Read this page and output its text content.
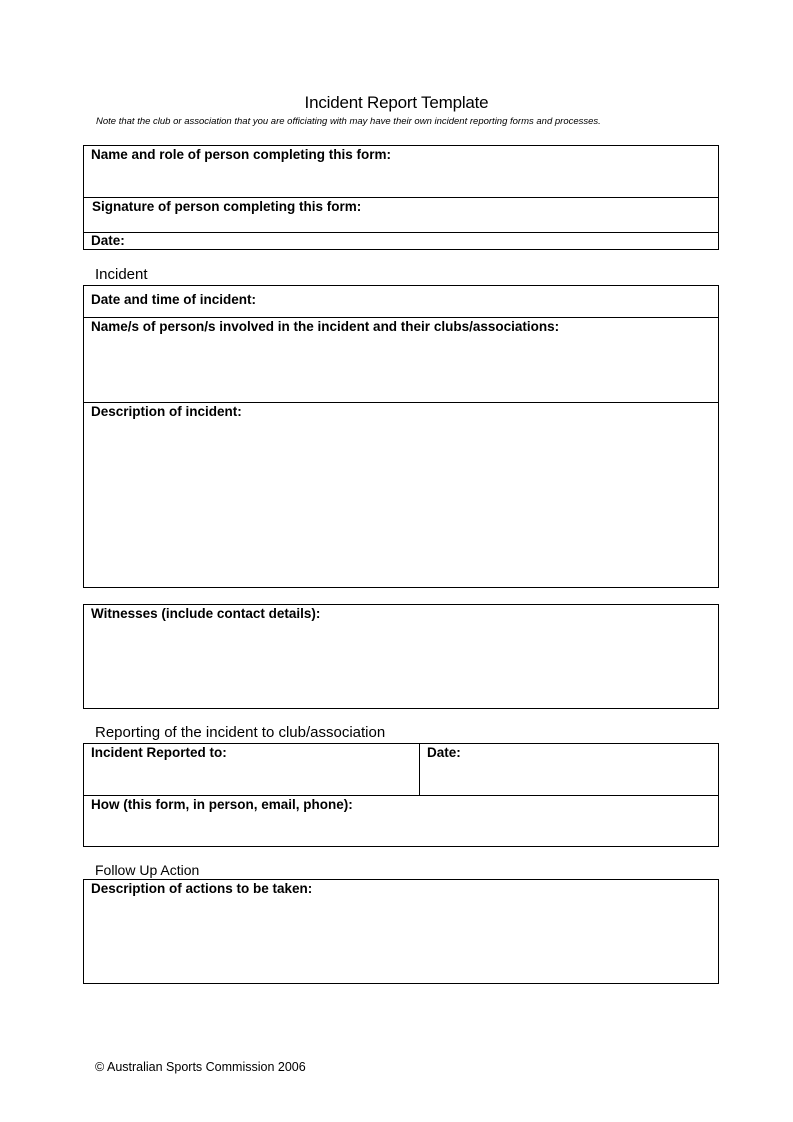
Incident Report Template
Note that the club or association that you are officiating with may have their own incident reporting forms and processes.
Name and role of person completing this form:
Signature of person completing this form:
Date:
Incident
Date and time of incident:
Name/s of person/s involved in the incident and their clubs/associations:
Description of incident:
Witnesses (include contact details):
Reporting of the incident to club/association
Incident Reported to:	Date:
How (this form, in person, email, phone):
Follow Up Action
Description of actions to be taken:
© Australian Sports Commission 2006
